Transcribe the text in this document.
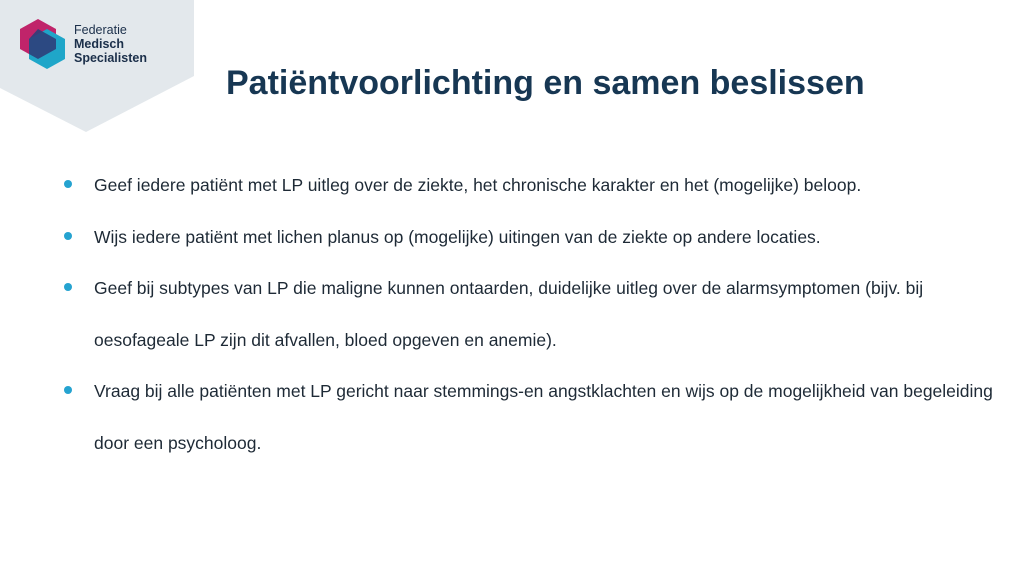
Federatie
Medisch
Specialisten
Patiëntvoorlichting en samen beslissen
Geef iedere patiënt met LP uitleg over de ziekte, het chronische karakter en het (mogelijke) beloop.
Wijs iedere patiënt met lichen planus op (mogelijke) uitingen van de ziekte op andere locaties.
Geef bij subtypes van LP die maligne kunnen ontaarden, duidelijke uitleg over de alarmsymptomen (bijv. bij oesofageale LP zijn dit afvallen, bloed opgeven en anemie).
Vraag bij alle patiënten met LP gericht naar stemmings-en angstklachten en wijs op de mogelijkheid van begeleiding door een psycholoog.
